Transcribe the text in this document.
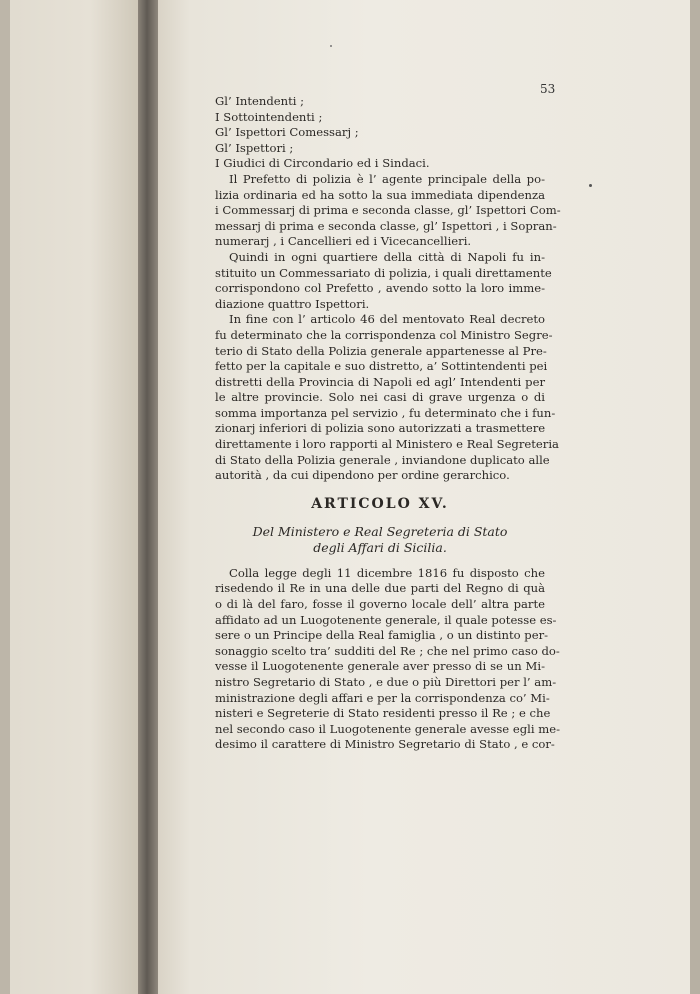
53

Gl’ Intendenti ;

I Sottointendenti ;

Gl’ Ispettori Comessarj ;

Gl’ Ispettori ;

I Giudici di Circondario ed i Sindaci.

Il Prefetto di polizia è l’ agente principale della po-

lizia ordinaria ed ha sotto la sua immediata dipendenza

i Commessarj di prima e seconda classe, gl’ Ispettori Com-

messarj di prima e seconda classe, gl’ Ispettori , i Sopran-

numerarj , i Cancellieri ed i Vicecancellieri.

Quindi in ogni quartiere della città di Napoli fu in-

stituito un Commessariato di polizia, i quali direttamente

corrispondono col Prefetto , avendo sotto la loro imme-

diazione quattro Ispettori.

In fine con l’ articolo 46 del mentovato Real decreto

fu determinato che la corrispondenza col Ministro Segre-

terio di Stato della Polizia generale appartenesse al Pre-

fetto per la capitale e suo distretto, a’ Sottintendenti pei

distretti della Provincia di Napoli ed agl’ Intendenti per

le altre provincie. Solo nei casi di grave urgenza o di

somma importanza pel servizio , fu determinato che i fun-

zionarj inferiori di polizia sono autorizzati a trasmettere

direttamente i loro rapporti al Ministero e Real Segreteria

di Stato della Polizia generale , inviandone duplicato alle

autorità , da cui dipendono per ordine gerarchico.

ARTICOLO XV.

Del Ministero e Real Segreteria di Stato

degli Affari di Sicilia.

Colla legge degli 11 dicembre 1816 fu disposto che

risedendo il Re in una delle due parti del Regno di quà

o di là del faro, fosse il governo locale dell’ altra parte

affidato ad un Luogotenente generale, il quale potesse es-

sere o un Principe della Real famiglia , o un distinto per-

sonaggio scelto tra’ sudditi del Re ; che nel primo caso do-

vesse il Luogotenente generale aver presso di se un Mi-

nistro Segretario di Stato , e due o più Direttori per l’ am-

ministrazione degli affari e per la corrispondenza co’ Mi-

nisteri e Segreterie di Stato residenti presso il Re ; e che

nel secondo caso il Luogotenente generale avesse egli me-

desimo il carattere di Ministro Segretario di Stato , e cor-
